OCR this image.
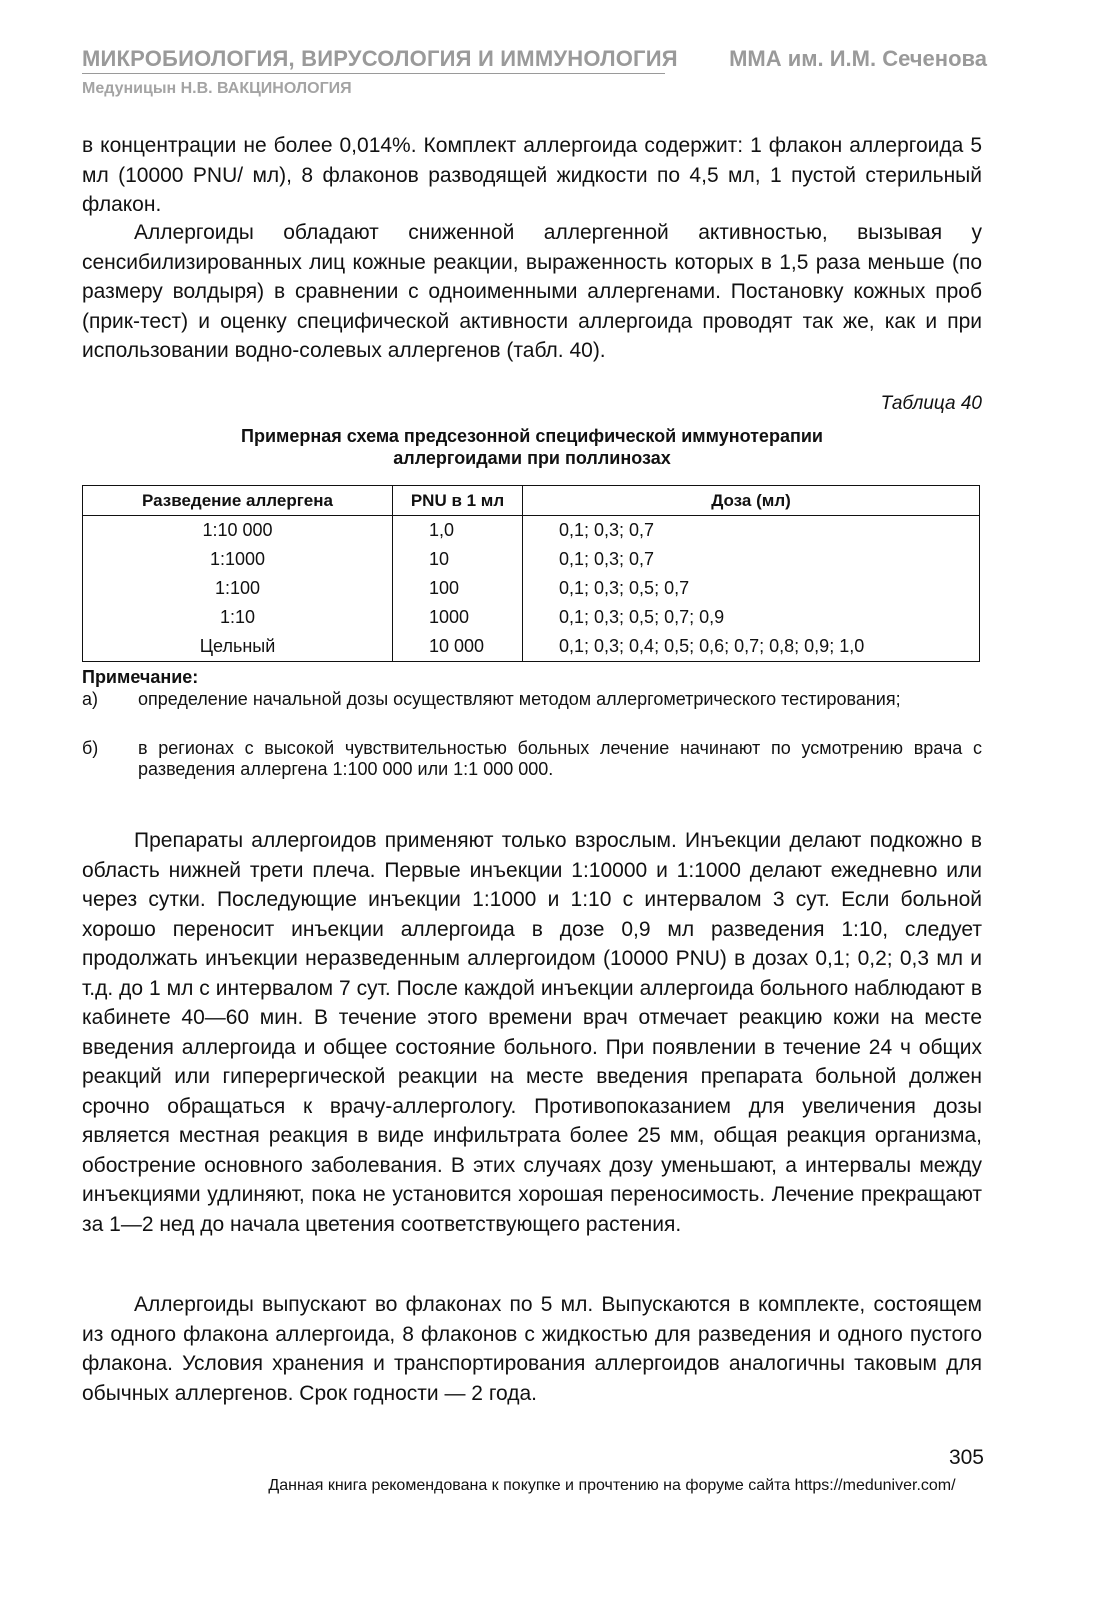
МИКРОБИОЛОГИЯ, ВИРУСОЛОГИЯ И ИММУНОЛОГИЯ ММА им. И.М. Сеченова
Медуницын Н.В. ВАКЦИНОЛОГИЯ

в концентрации не более 0,014%. Комплект аллергоида содержит: 1 флакон аллергоида 5 мл (10000 PNU/ мл), 8 флаконов разводящей жидкости по 4,5 мл, 1 пустой стерильный флакон.

Аллергоиды обладают сниженной аллергенной активностью, вызывая у сенсибилизированных лиц кожные реакции, выраженность которых в 1,5 раза меньше (по размеру волдыря) в сравнении с одноименными аллергенами. Постановку кожных проб (прик-тест) и оценку специфической активности аллергоида проводят так же, как и при использовании водно-солевых аллергенов (табл. 40).

Таблица 40
Примерная схема предсезонной специфической иммунотерапии
аллергоидами при поллинозах
Разведение аллергена	PNU в 1 мл	Доза (мл)
1:10 000	1,0	0,1; 0,3; 0,7
1:1000	10	0,1; 0,3; 0,7
1:100	100	0,1; 0,3; 0,5; 0,7
1:10	1000	0,1; 0,3; 0,5; 0,7; 0,9
Цельный	10 000	0,1; 0,3; 0,4; 0,5; 0,6; 0,7; 0,8; 0,9; 1,0
Примечание:
а) определение начальной дозы осуществляют методом аллергометрического тестирования;
б) в регионах с высокой чувствительностью больных лечение начинают по усмотрению врача с разведения аллергена 1:100 000 или 1:1 000 000.

Препараты аллергоидов применяют только взрослым. Инъекции делают подкожно в область нижней трети плеча. Первые инъекции 1:10000 и 1:1000 делают ежедневно или через сутки. Последующие инъекции 1:1000 и 1:10 с интервалом 3 сут. Если больной хорошо переносит инъекции аллергоида в дозе 0,9 мл разведения 1:10, следует продолжать инъекции неразведенным аллергоидом (10000 PNU) в дозах 0,1; 0,2; 0,3 мл и т.д. до 1 мл с интервалом 7 сут. После каждой инъекции аллергоида больного наблюдают в кабинете 40—60 мин. В течение этого времени врач отмечает реакцию кожи на месте введения аллергоида и общее состояние больного. При появлении в течение 24 ч общих реакций или гиперергической реакции на месте введения препарата больной должен срочно обращаться к врачу-аллергологу. Противопоказанием для увеличения дозы является местная реакция в виде инфильтрата более 25 мм, общая реакция организма, обострение основного заболевания. В этих случаях дозу уменьшают, а интервалы между инъекциями удлиняют, пока не установится хорошая переносимость. Лечение прекращают за 1—2 нед до начала цветения соответствующего растения.

Аллергоиды выпускают во флаконах по 5 мл. Выпускаются в комплекте, состоящем из одного флакона аллергоида, 8 флаконов с жидкостью для разведения и одного пустого флакона. Условия хранения и транспортирования аллергоидов аналогичны таковым для обычных аллергенов. Срок годности — 2 года.

305
Данная книга рекомендована к покупке и прочтению на форуме сайта https://meduniver.com/
